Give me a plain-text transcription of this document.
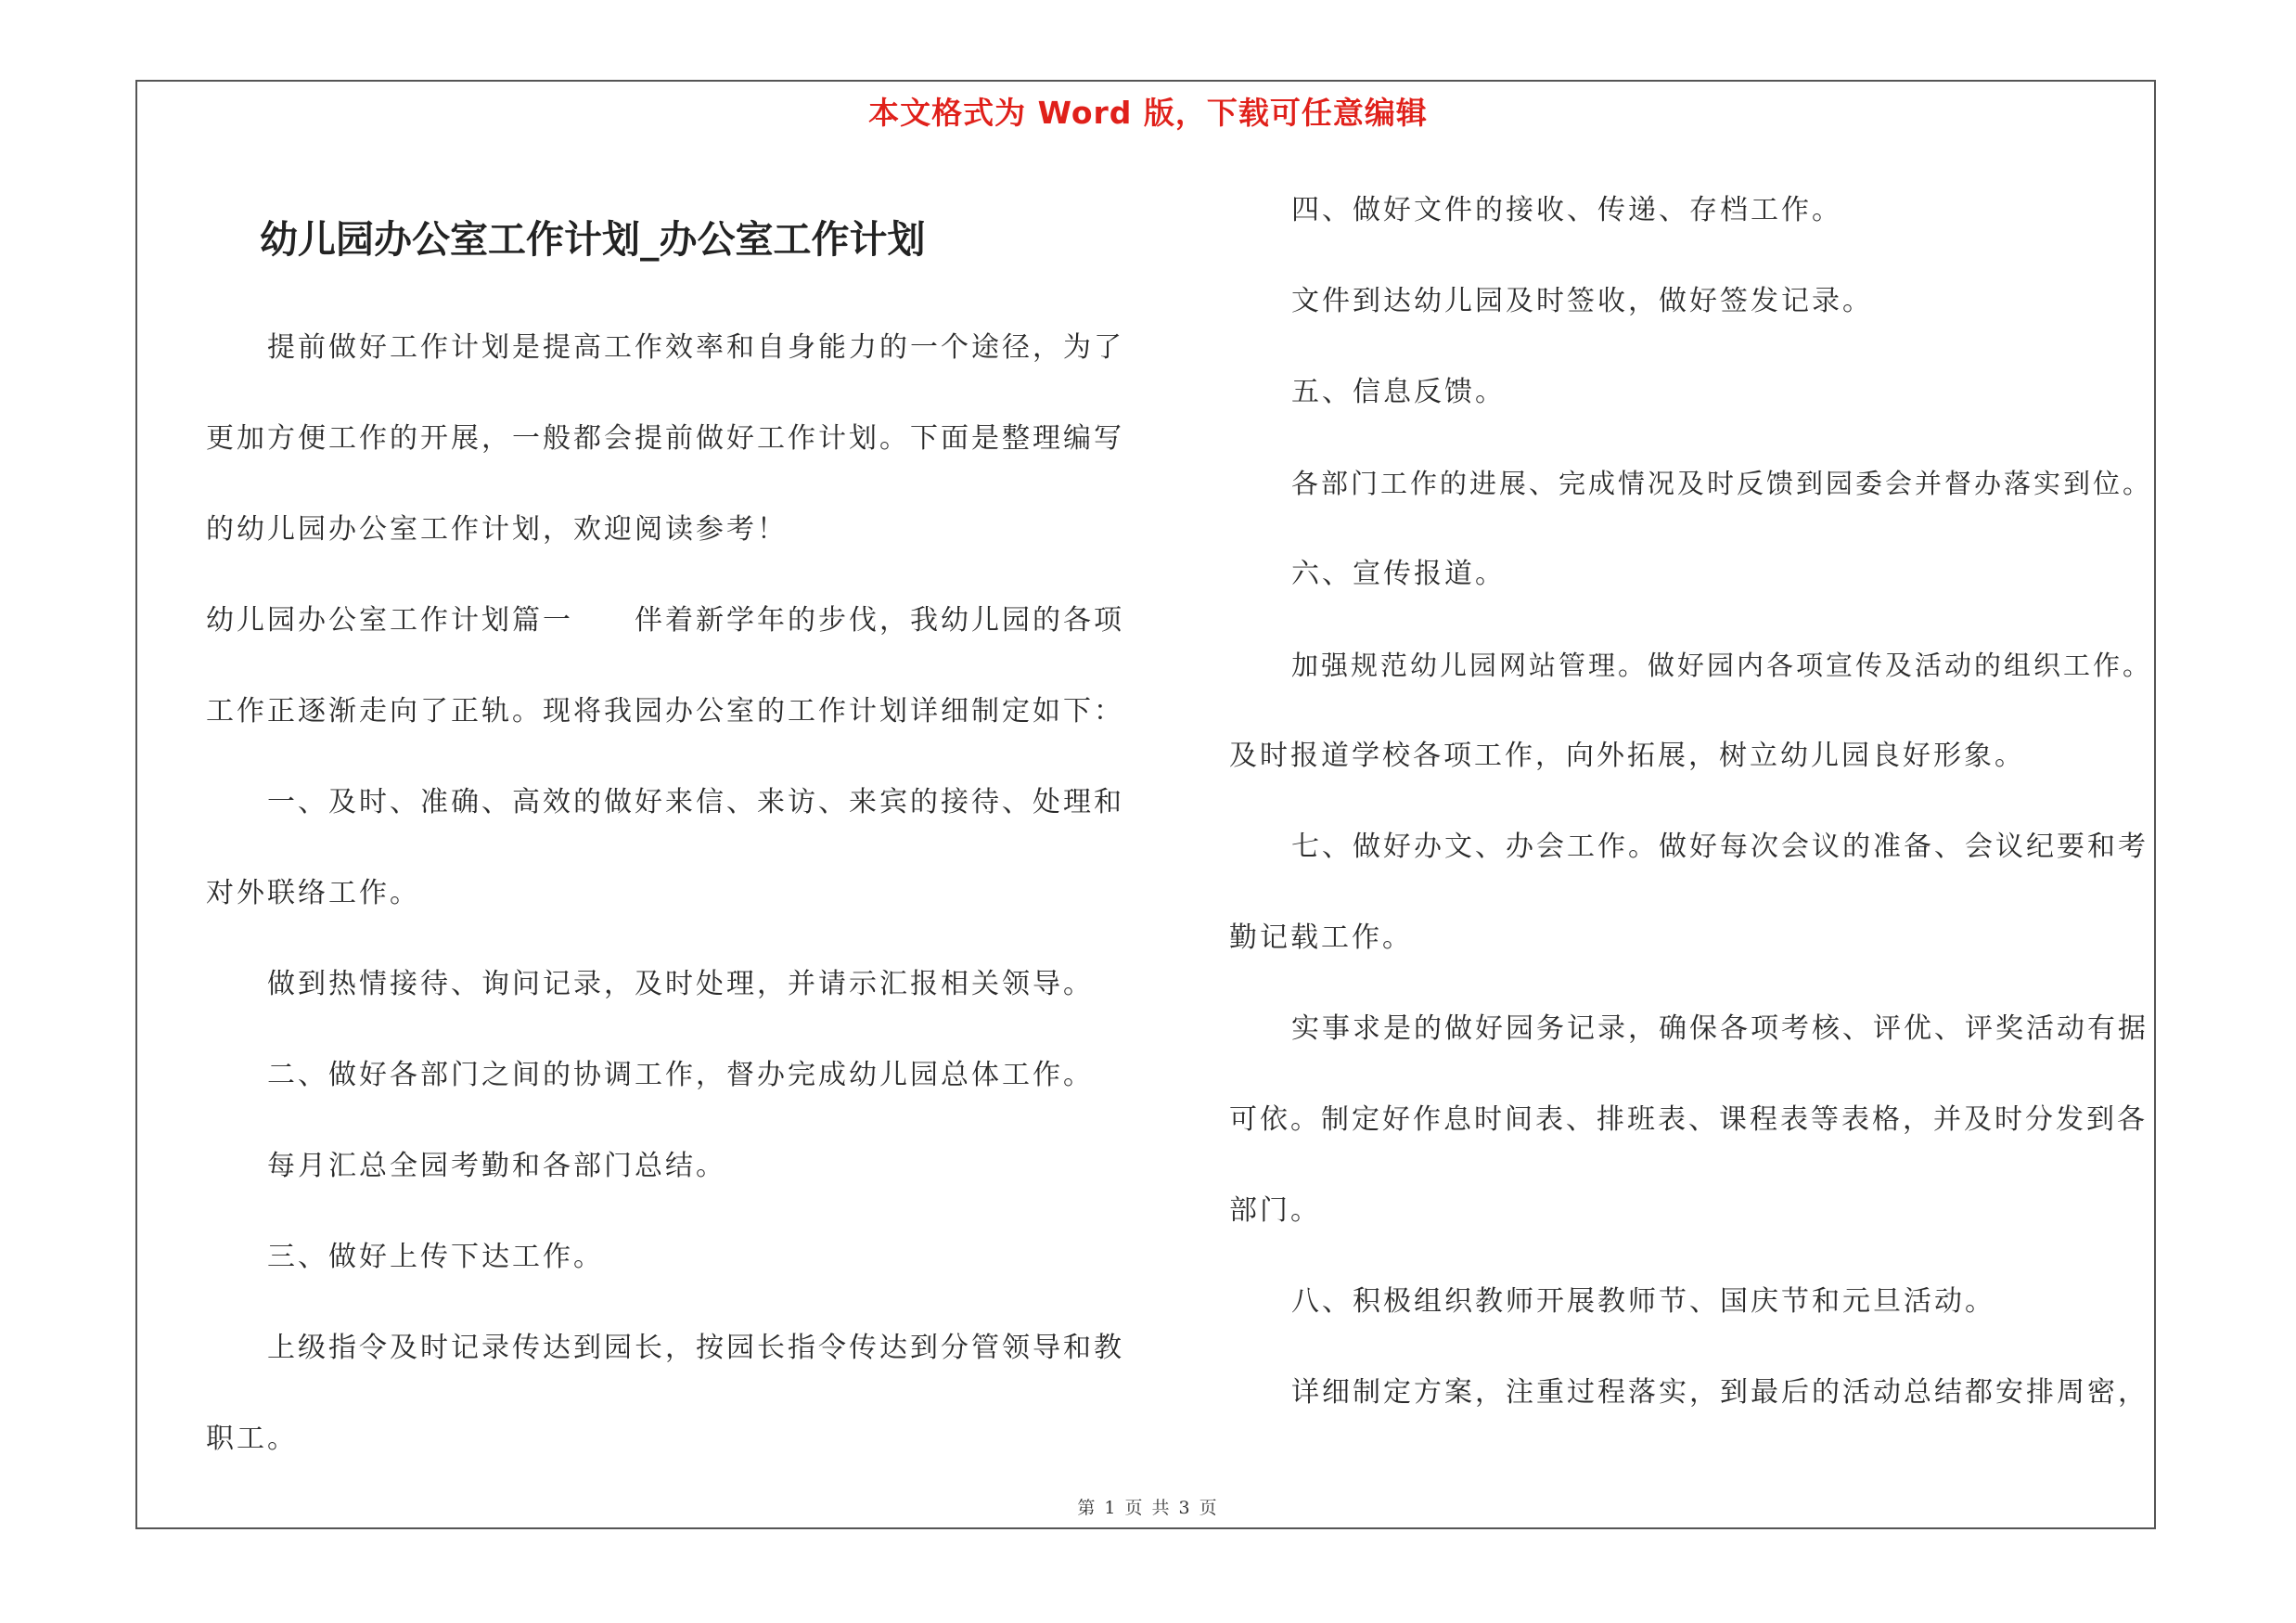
本文格式为 Word 版，下载可任意编辑
幼儿园办公室工作计划_办公室工作计划
提前做好工作计划是提高工作效率和自身能力的一个途径，为了
更加方便工作的开展，一般都会提前做好工作计划。下面是整理编写
的幼儿园办公室工作计划，欢迎阅读参考！
幼儿园办公室工作计划篇一　　伴着新学年的步伐，我幼儿园的各项
工作正逐渐走向了正轨。现将我园办公室的工作计划详细制定如下：
一、及时、准确、高效的做好来信、来访、来宾的接待、处理和
对外联络工作。
做到热情接待、询问记录，及时处理，并请示汇报相关领导。
二、做好各部门之间的协调工作，督办完成幼儿园总体工作。
每月汇总全园考勤和各部门总结。
三、做好上传下达工作。
上级指令及时记录传达到园长，按园长指令传达到分管领导和教
职工。
四、做好文件的接收、传递、存档工作。
文件到达幼儿园及时签收，做好签发记录。
五、信息反馈。
各部门工作的进展、完成情况及时反馈到园委会并督办落实到位。
六、宣传报道。
加强规范幼儿园网站管理。做好园内各项宣传及活动的组织工作。
及时报道学校各项工作，向外拓展，树立幼儿园良好形象。
七、做好办文、办会工作。做好每次会议的准备、会议纪要和考
勤记载工作。
实事求是的做好园务记录，确保各项考核、评优、评奖活动有据
可依。制定好作息时间表、排班表、课程表等表格，并及时分发到各
部门。
八、积极组织教师开展教师节、国庆节和元旦活动。
详细制定方案，注重过程落实，到最后的活动总结都安排周密，
第 1 页 共 3 页
